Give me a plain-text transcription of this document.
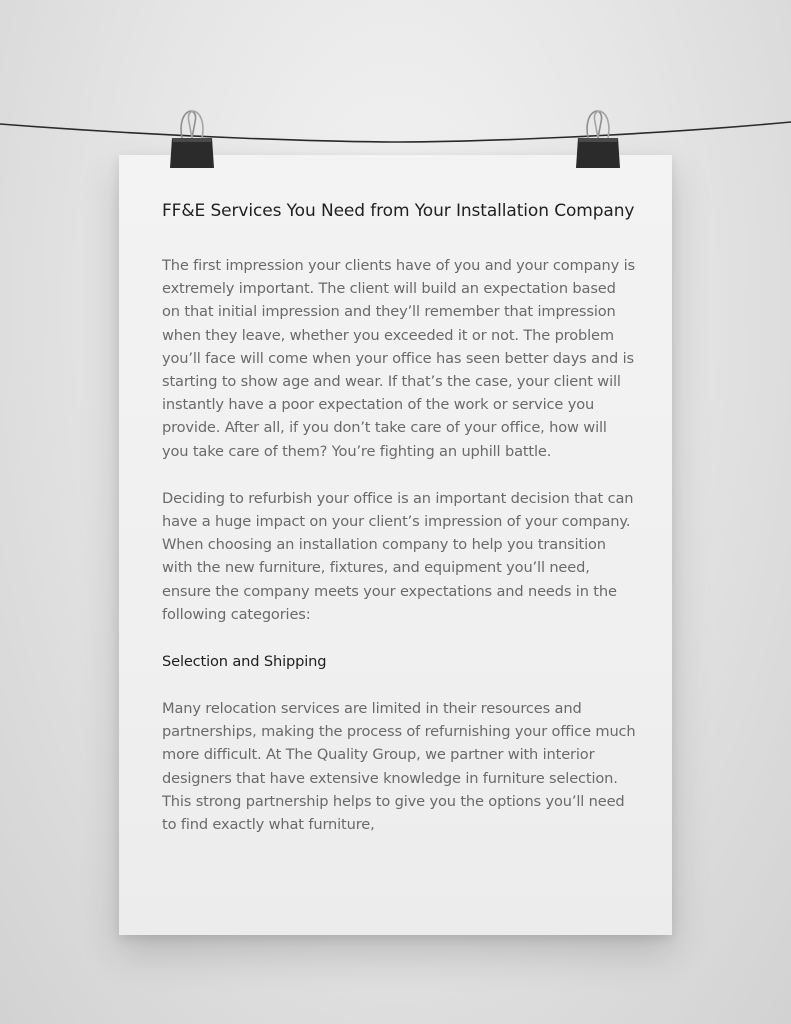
FF&E Services You Need from Your Installation Company

The first impression your clients have of you and your company is extremely important. The client will build an expectation based on that initial impression and they’ll remember that impression when they leave, whether you exceeded it or not. The problem you’ll face will come when your office has seen better days and is starting to show age and wear. If that’s the case, your client will instantly have a poor expectation of the work or service you provide. After all, if you don’t take care of your office, how will you take care of them? You’re fighting an uphill battle.

Deciding to refurbish your office is an important decision that can have a huge impact on your client’s impression of your company. When choosing an installation company to help you transition with the new furniture, fixtures, and equipment you’ll need, ensure the company meets your expectations and needs in the following categories:

Selection and Shipping

Many relocation services are limited in their resources and partnerships, making the process of refurnishing your office much more difficult. At The Quality Group, we partner with interior designers that have extensive knowledge in furniture selection. This strong partnership helps to give you the options you’ll need to find exactly what furniture,
